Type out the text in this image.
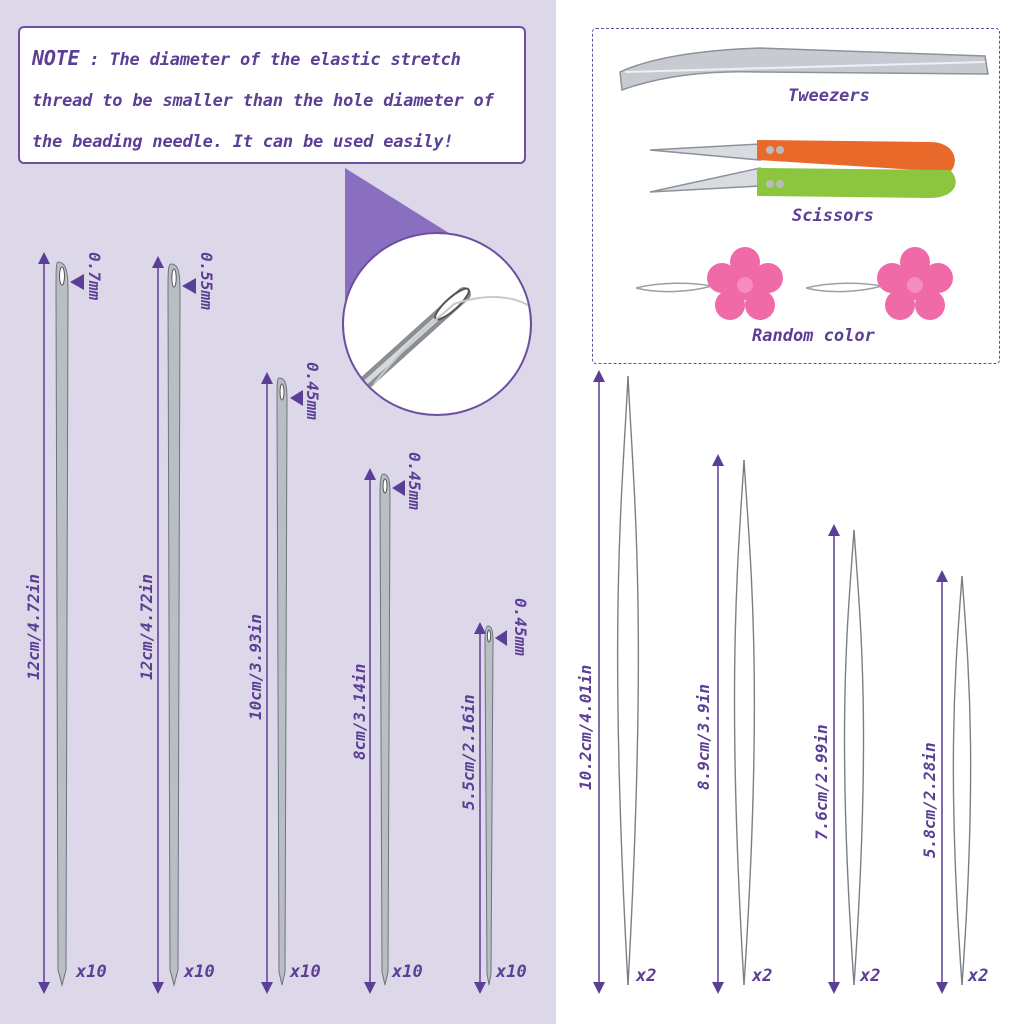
NOTE : The diameter of the elastic stretch thread to be smaller than the hole diameter of the beading needle. It can be used easily!
Tweezers
Scissors
Random color
12cm/4.72in	12cm/4.72in	10cm/3.93in	8cm/3.14in	5.5cm/2.16in
0.7mm	0.55mm
0.45mm
0.45mm
0.45mm
x10	x10	x10	x10	x10
10.2cm/4.01in	8.9cm/3.9in	7.6cm/2.99in	5.8cm/2.28in
x2	x2	x2	x2
